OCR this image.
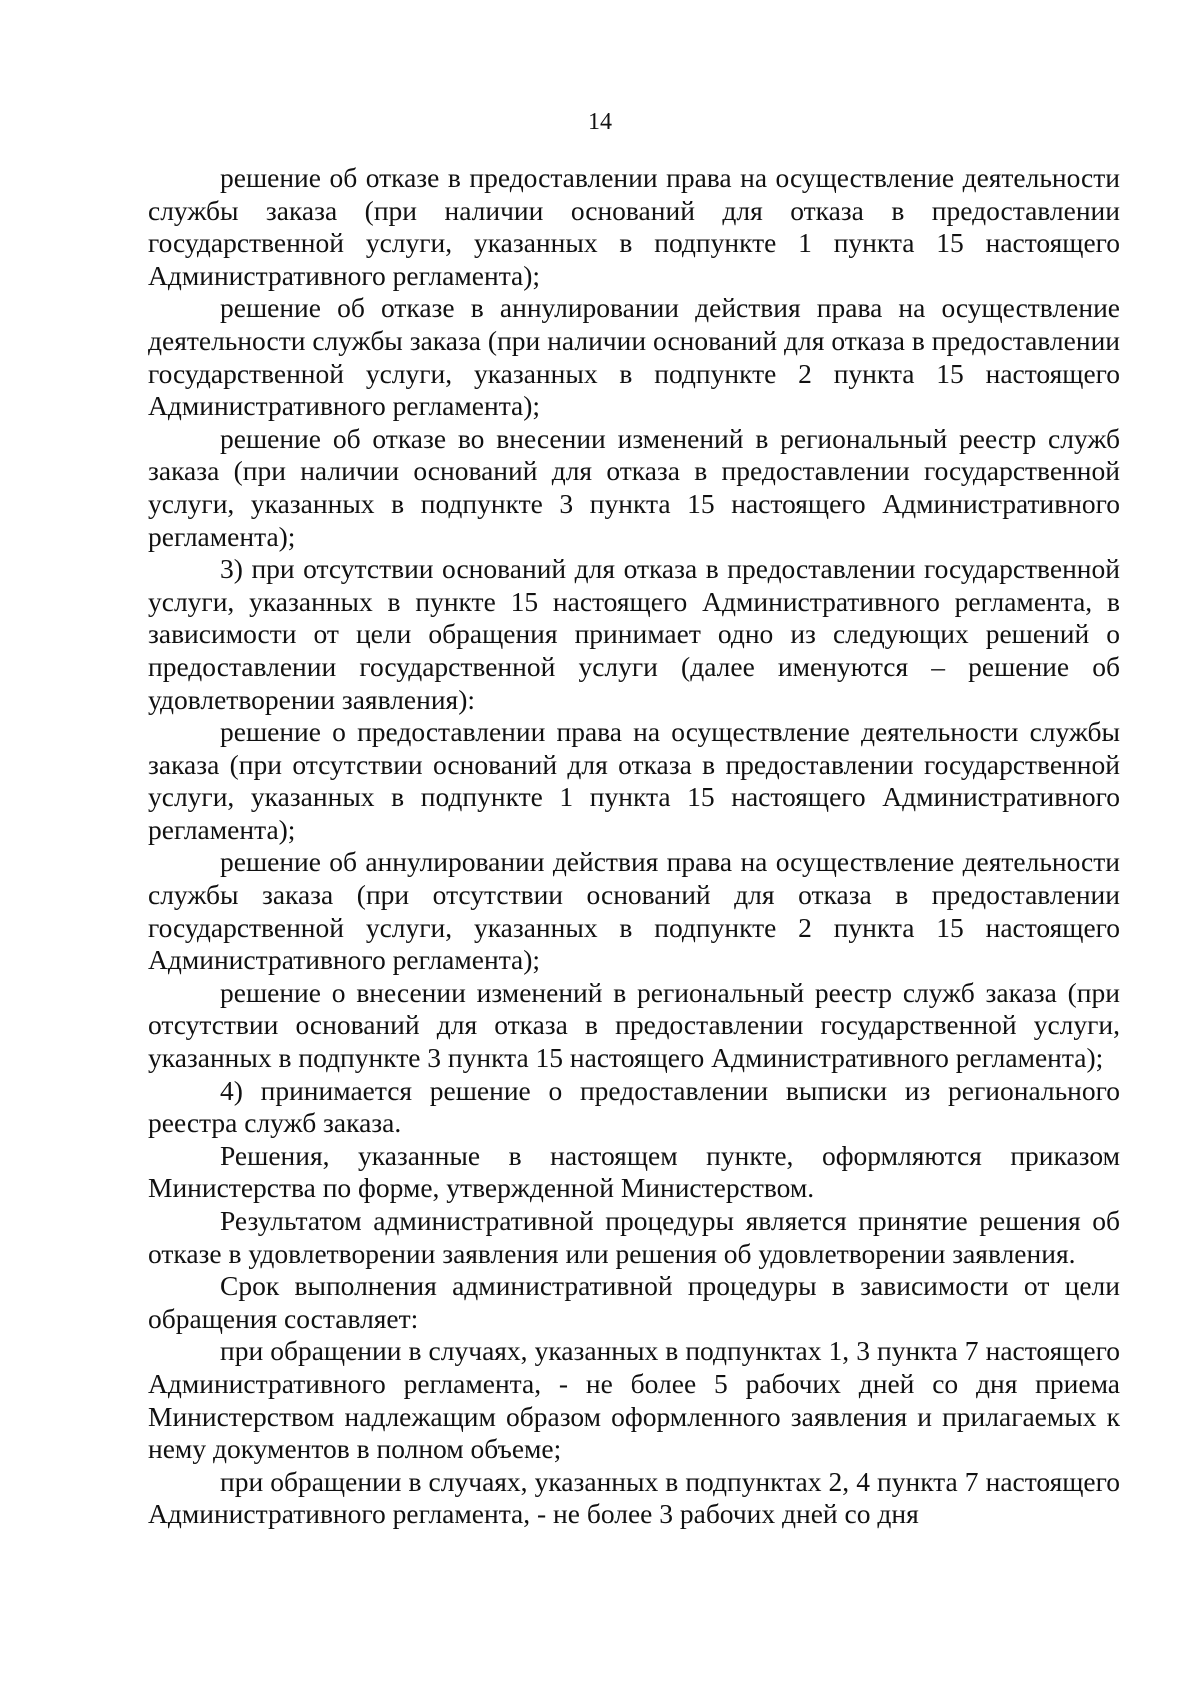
14

решение об отказе в предоставлении права на осуществление деятельности службы заказа (при наличии оснований для отказа в предоставлении государственной услуги, указанных в подпункте 1 пункта 15 настоящего Административного регламента);

решение об отказе в аннулировании действия права на осуществление деятельности службы заказа (при наличии оснований для отказа в предоставлении государственной услуги, указанных в подпункте 2 пункта 15 настоящего Административного регламента);

решение об отказе во внесении изменений в региональный реестр служб заказа (при наличии оснований для отказа в предоставлении государственной услуги, указанных в подпункте 3 пункта 15 настоящего Административного регламента);

3) при отсутствии оснований для отказа в предоставлении государственной услуги, указанных в пункте 15 настоящего Административного регламента, в зависимости от цели обращения принимает одно из следующих решений о предоставлении государственной услуги (далее именуются – решение об удовлетворении заявления):

решение о предоставлении права на осуществление деятельности службы заказа (при отсутствии оснований для отказа в предоставлении государственной услуги, указанных в подпункте 1 пункта 15 настоящего Административного регламента);

решение об аннулировании действия права на осуществление деятельности службы заказа (при отсутствии оснований для отказа в предоставлении государственной услуги, указанных в подпункте 2 пункта 15 настоящего Административного регламента);

решение о внесении изменений в региональный реестр служб заказа (при отсутствии оснований для отказа в предоставлении государственной услуги, указанных в подпункте 3 пункта 15 настоящего Административного регламента);

4) принимается решение о предоставлении выписки из регионального реестра служб заказа.

Решения, указанные в настоящем пункте, оформляются приказом Министерства по форме, утвержденной Министерством.

Результатом административной процедуры является принятие решения об отказе в удовлетворении заявления или решения об удовлетворении заявления.

Срок выполнения административной процедуры в зависимости от цели обращения составляет:

при обращении в случаях, указанных в подпунктах 1, 3 пункта 7 настоящего Административного регламента, - не более 5 рабочих дней со дня приема Министерством надлежащим образом оформленного заявления и прилагаемых к нему документов в полном объеме;

при обращении в случаях, указанных в подпунктах 2, 4 пункта 7 настоящего Административного регламента, - не более 3 рабочих дней со дня
